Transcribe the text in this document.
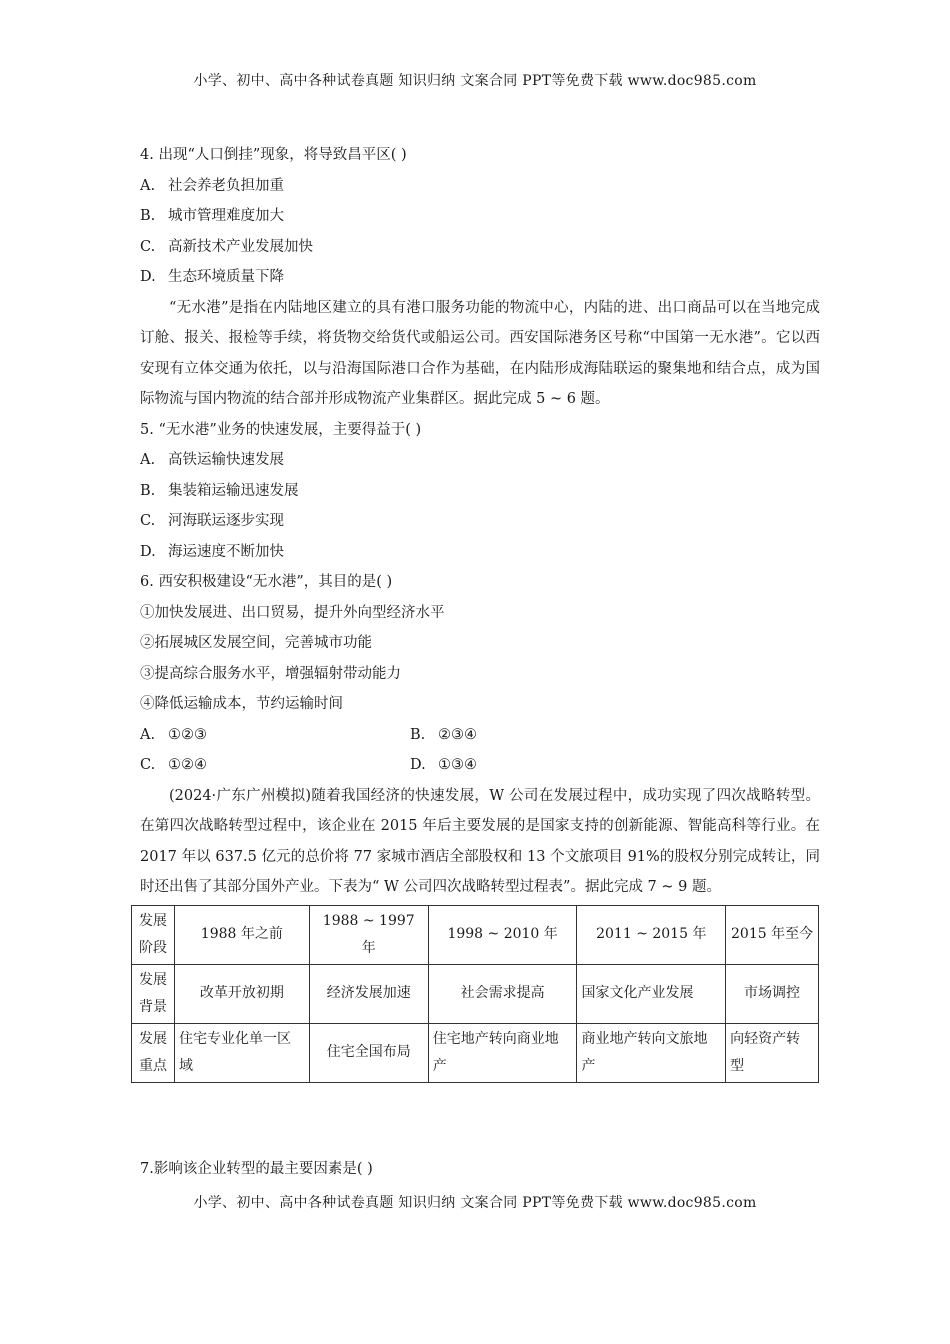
小学、初中、高中各种试卷真题 知识归纳 文案合同 PPT等免费下载 www.doc985.com
4. 出现“人口倒挂”现象，将导致昌平区( )
A. 社会养老负担加重
B. 城市管理难度加大
C. 高新技术产业发展加快
D. 生态环境质量下降
“无水港”是指在内陆地区建立的具有港口服务功能的物流中心，内陆的进、出口商品可以在当地完成订舱、报关、报检等手续，将货物交给货代或船运公司。西安国际港务区号称“中国第一无水港”。它以西安现有立体交通为依托，以与沿海国际港口合作为基础，在内陆形成海陆联运的聚集地和结合点，成为国际物流与国内物流的结合部并形成物流产业集群区。据此完成 5 ~ 6 题。
5. “无水港”业务的快速发展，主要得益于( )
A. 高铁运输快速发展
B. 集装箱运输迅速发展
C. 河海联运逐步实现
D. 海运速度不断加快
6. 西安积极建设“无水港”，其目的是( )
①加快发展进、出口贸易，提升外向型经济水平
②拓展城区发展空间，完善城市功能
③提高综合服务水平，增强辐射带动能力
④降低运输成本，节约运输时间
A. ①②③	B. ②③④
C. ①②④	D. ①③④
(2024·广东广州模拟)随着我国经济的快速发展，W 公司在发展过程中，成功实现了四次战略转型。在第四次战略转型过程中，该企业在 2015 年后主要发展的是国家支持的创新能源、智能高科等行业。在 2017 年以 637.5 亿元的总价将 77 家城市酒店全部股权和 13 个文旅项目 91%的股权分别完成转让，同时还出售了其部分国外产业。下表为“ W 公司四次战略转型过程表”。据此完成 7 ~ 9 题。
发展阶段	1988 年之前	1988 ~ 1997 年	1998 ~ 2010 年	2011 ~ 2015 年	2015 年至今
发展背景	改革开放初期	经济发展加速	社会需求提高	国家文化产业发展	市场调控
发展重点	住宅专业化单一区域	住宅全国布局	住宅地产转向商业地产	商业地产转向文旅地产	向轻资产转型
7.影响该企业转型的最主要因素是( )
小学、初中、高中各种试卷真题 知识归纳 文案合同 PPT等免费下载 www.doc985.com
